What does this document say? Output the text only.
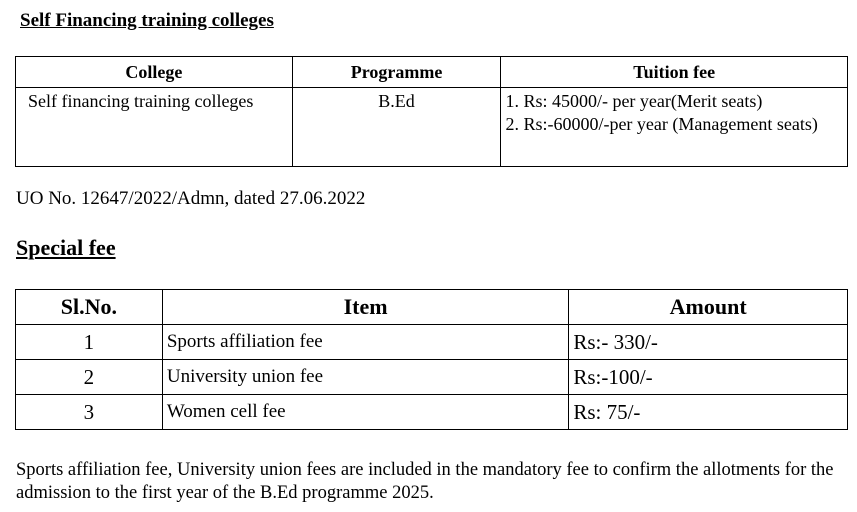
Self Financing training colleges
College	Programme	Tuition fee
Self financing training colleges	B.Ed	1. Rs: 45000/- per year(Merit seats)
2. Rs:-60000/-per year (Management seats)
UO No. 12647/2022/Admn, dated 27.06.2022
Special fee
Sl.No.	Item	Amount
1	Sports affiliation fee	Rs:- 330/-
2	University union fee	Rs:-100/-
3	Women cell fee	Rs: 75/-
Sports affiliation fee, University union fees are included in the mandatory fee to confirm the allotments for the admission to the first year of the B.Ed programme 2025.
